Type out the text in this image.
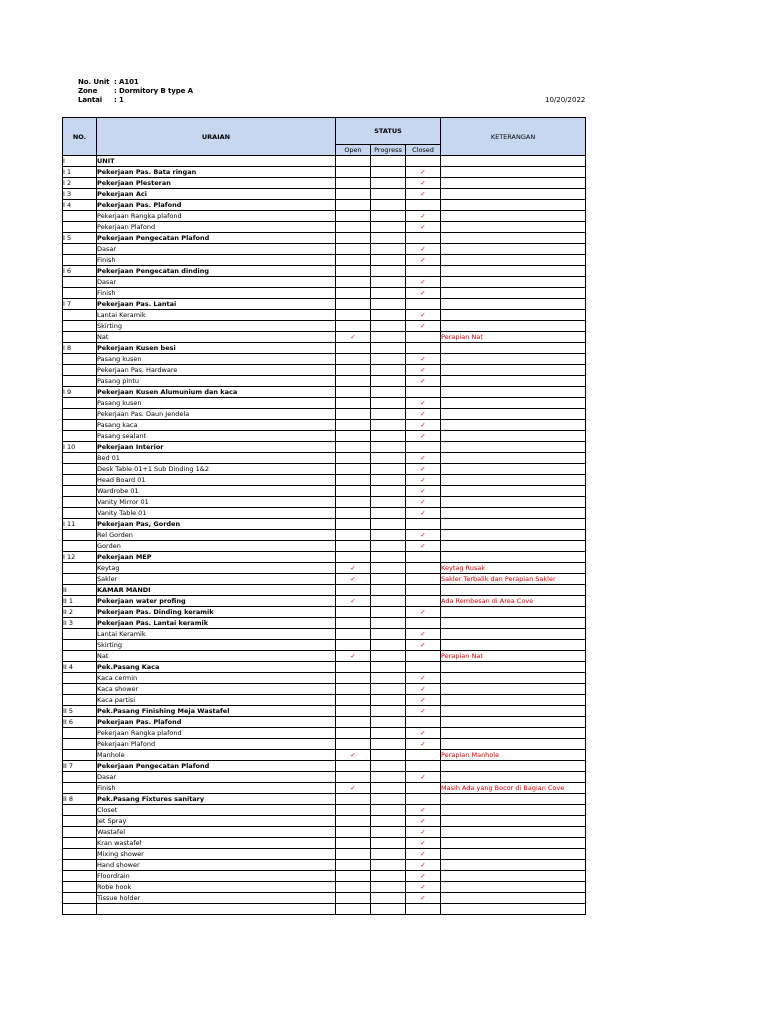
No. Unit : A101
Zone : Dormitory B type A
Lantai : 1	10/20/2022
NO.	URAIAN	STATUS			KETERANGAN
		Open	Progress	Closed	
I	UNIT				
I 1	Pekerjaan Pas. Bata ringan			✓	
I 2	Pekerjaan Plesteran			✓	
I 3	Pekerjaan Aci			✓	
I 4	Pekerjaan Pas. Plafond				
	Pekerjaan Rangka plafond			✓	
	Pekerjaan Plafond			✓	
I 5	Pekerjaan Pengecatan Plafond				
	Dasar			✓	
	Finish			✓	
I 6	Pekerjaan Pengecatan dinding				
	Dasar			✓	
	Finish			✓	
I 7	Pekerjaan Pas. Lantai				
	Lantai Keramik			✓	
	Skirting			✓	
	Nat	✓			Perapian Nat
I 8	Pekerjaan Kusen besi				
	Pasang kusen			✓	
	Pekerjaan Pas. Hardware			✓	
	Pasang pintu			✓	
I 9	Pekerjaan Kusen Alumunium dan kaca				
	Pasang kusen			✓	
	Pekerjaan Pas. Daun Jendela			✓	
	Pasang kaca			✓	
	Pasang sealant			✓	
I 10	Pekerjaan Interior				
	Bed 01			✓	
	Desk Table 01+1 Sub Dinding 1&2			✓	
	Head Board 01			✓	
	Wardrobe 01			✓	
	Vanity Mirror 01			✓	
	Vanity Table 01			✓	
I 11	Pekerjaan Pas, Gorden				
	Rel Gorden			✓	
	Gorden			✓	
I 12	Pekerjaan MEP				
	Keytag	✓			Keytag Rusak
	Sakler	✓			Sakler Terbalik dan Perapian Sakler
II	KAMAR MANDI				
II 1	Pekerjaan water profing	✓			Ada Rembesan di Area Cove
II 2	Pekerjaan Pas. Dinding keramik			✓	
II 3	Pekerjaan Pas. Lantai keramik				
	Lantai Keramik			✓	
	Skirting			✓	
	Nat	✓			Perapian Nat
II 4	Pek.Pasang Kaca				
	Kaca cermin			✓	
	Kaca shower			✓	
	Kaca partisi			✓	
II 5	Pek.Pasang Finishing Meja Wastafel			✓	
II 6	Pekerjaan Pas. Plafond				
	Pekerjaan Rangka plafond			✓	
	Pekerjaan Plafond			✓	
	Manhole	✓			Perapian Manhole
II 7	Pekerjaan Pengecatan Plafond				
	Dasar			✓	
	Finish	✓			Masih Ada yang Bocor di Bagian Cove
II 8	Pek.Pasang Fixtures sanitary				
	Closet			✓	
	Jet Spray			✓	
	Wastafel			✓	
	Kran wastafel			✓	
	Mixing shower			✓	
	Hand shower			✓	
	Floordrain			✓	
	Robe hook			✓	
	Tissue holder			✓	
